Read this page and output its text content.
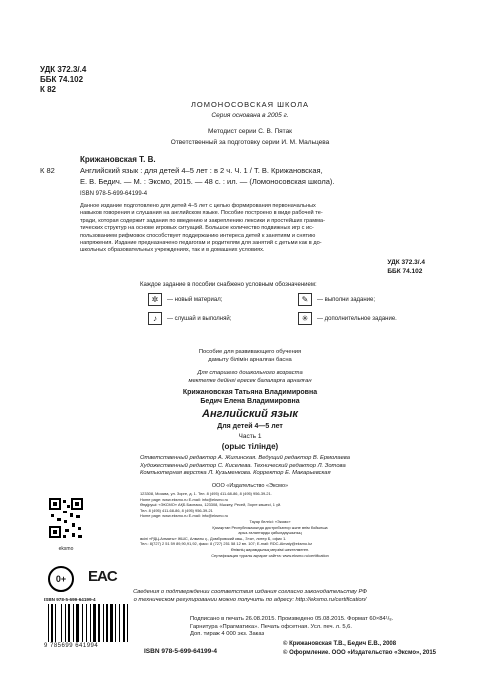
УДК 372.3/.4
ББК 74.102
К 82
ЛОМОНОСОВСКАЯ ШКОЛА
Серия основана в 2005 г.
Методист серии С. В. Пятак
Ответственный за подготовку серии И. М. Мальцева
Крижановская Т. В.
К 82	Английский язык : для детей 4–5 лет : в 2 ч. Ч. 1 / Т. В. Крижановская,
Е. В. Бедич. — М. : Эксмо, 2015. — 48 с. : ил. — (Ломоносовская школа).
ISBN 978-5-699-64199-4
Данное издание подготовлено для детей 4–5 лет с целью формирования первоначальных
навыков говорения и слушания на английском языке. Пособие построено в виде рабочей те-
тради, которая содержит задания по введению и закреплению лексики и простейших грамма-
тических структур на основе игровых ситуаций. Большое количество подвижных игр с ис-
пользованием рифмовок способствует поддержанию интереса детей к занятиям и снятию
напряжения. Издание предназначено педагогам и родителям для занятий с детьми как в до-
школьных образовательных учреждениях, так и в домашних условиях.
УДК 372.3/.4
ББК 74.102
Каждое задание в пособии снабжено условным обозначением:
✲	— новый материал;	✎	— выполни задание;
♪	— слушай и выполняй;	✳	— дополнительное задание.
Пособие для развивающего обучения
дамыту бiлiмiн арналған басна
Для старшего дошкольного возраста
мектепке дейiнгi ересек балаларға арналған
Крижановская Татьяна Владимировна
Бедич Елена Владимировна
Английский язык
Для детей 4—5 лет
Часть 1
(орыс тiлiнде)
Ответственный редактор А. Жилинская. Ведущий редактор В. Ермолаева
Художественный редактор С. Киселева. Технический редактор Л. Зотова
Компьютерная верстка Л. Кузьменкова. Корректор Е. Макарьевская
ООО «Издательство «Эксмо»
123308, Москва, ул. Зорге, д. 1. Тел. 8 (495) 411-68-86, 8 (495) 956-39-21.
Home page: www.eksmo.ru E-mail: info@eksmo.ru
Өндiрушi: «ЭКСМО» АҚБ Баспасы, 123308, Мәскеу, Ресей, Зорге көшесi, 1 үй.
Тел. 8 (495) 411-68-86, 8 (495) 956-39-21
Home page: www.eksmo.ru E-mail: info@eksmo.ru
Тауар белгiсi: «Эксмо»
Қазақстан Республикасында дистрибьютор және өнiм бойынша
арыз-талаптарды қабылдаушының
өкiлi «РДЦ-Алматы» ЖШС, Алматы қ., Домбровский көш., 3«а», литер Б, офис 1.
Тел.: 8(727) 2 51 59 89,90,91,92, факс: 8 (727) 251 58 12 вн. 107; E-mail: RDC-Almaty@eksmo.kz
Өнiмнiң жарамдылық мерзiмi шектелмеген.
Сертификация туралы ақпарат сайтта: www.eksmo.ru/certification
eksmo
Сведения о подтверждении соответствия издания согласно законодательству РФ
о техническом регулировании можно получить по адресу: http://eksmo.ru/certification/
0+	EAC
Подписано в печать 26.08.2015. Произведено 05.08.2015. Формат 60×84¹/₈.
Гарнитура «Прагматика». Печать офсетная. Усл. печ. л. 5,6.
Доп. тираж 4 000 экз. Заказ
ISBN 978-5-699-64199-4
9 785699 641994
ISBN 978-5-699-64199-4
© Крижановская Т.В., Бедич Е.В., 2008
© Оформление. ООО «Издательство «Эксмо», 2015
